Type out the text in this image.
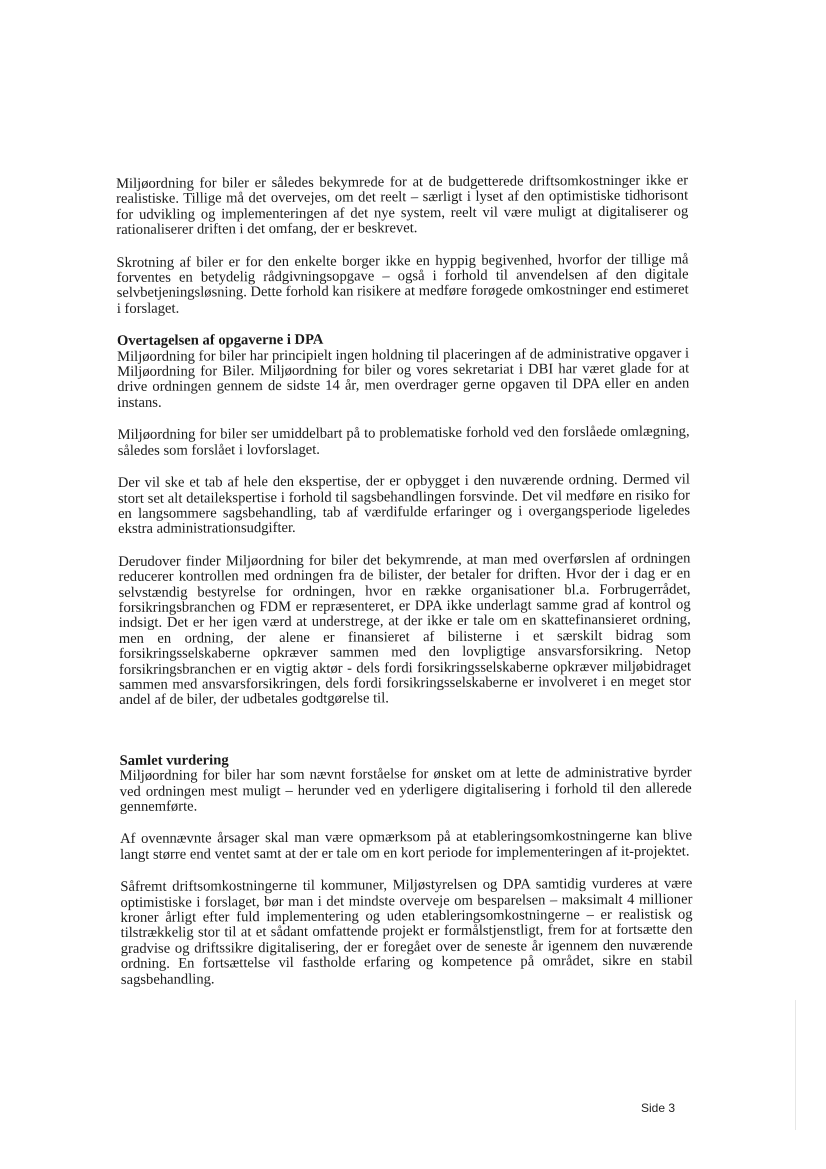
Miljøordning for biler er således bekymrede for at de budgetterede driftsomkostninger ikke er realistiske. Tillige må det overvejes, om det reelt – særligt i lyset af den optimistiske tidhorisont for udvikling og implementeringen af det nye system, reelt vil være muligt at digitaliserer og rationaliserer driften i det omfang, der er beskrevet.

Skrotning af biler er for den enkelte borger ikke en hyppig begivenhed, hvorfor der tillige må forventes en betydelig rådgivningsopgave – også i forhold til anvendelsen af den digitale selvbetjeningsløsning. Dette forhold kan risikere at medføre forøgede omkostninger end estimeret i forslaget.

Overtagelsen af opgaverne i DPA

Miljøordning for biler har principielt ingen holdning til placeringen af de administrative opgaver i Miljøordning for Biler. Miljøordning for biler og vores sekretariat i DBI har været glade for at drive ordningen gennem de sidste 14 år, men overdrager gerne opgaven til DPA eller en anden instans.

Miljøordning for biler ser umiddelbart på to problematiske forhold ved den forslåede omlægning, således som forslået i lovforslaget.

Der vil ske et tab af hele den ekspertise, der er opbygget i den nuværende ordning. Dermed vil stort set alt detailekspertise i forhold til sagsbehandlingen forsvinde. Det vil medføre en risiko for en langsommere sagsbehandling, tab af værdifulde erfaringer og i overgangsperiode ligeledes ekstra administrationsudgifter.

Derudover finder Miljøordning for biler det bekymrende, at man med overførslen af ordningen reducerer kontrollen med ordningen fra de bilister, der betaler for driften. Hvor der i dag er en selvstændig bestyrelse for ordningen, hvor en række organisationer bl.a. Forbrugerrådet, forsikringsbranchen og FDM er repræsenteret, er DPA ikke underlagt samme grad af kontrol og indsigt. Det er her igen værd at understrege, at der ikke er tale om en skattefinansieret ordning, men en ordning, der alene er finansieret af bilisterne i et særskilt bidrag som forsikringsselskaberne opkræver sammen med den lovpligtige ansvarsforsikring. Netop forsikringsbranchen er en vigtig aktør - dels fordi forsikringsselskaberne opkræver miljøbidraget sammen med ansvarsforsikringen, dels fordi forsikringsselskaberne er involveret i en meget stor andel af de biler, der udbetales godtgørelse til.

Samlet vurdering

Miljøordning for biler har som nævnt forståelse for ønsket om at lette de administrative byrder ved ordningen mest muligt – herunder ved en yderligere digitalisering i forhold til den allerede gennemførte.

Af ovennævnte årsager skal man være opmærksom på at etableringsomkostningerne kan blive langt større end ventet samt at der er tale om en kort periode for implementeringen af it-projektet.

Såfremt driftsomkostningerne til kommuner, Miljøstyrelsen og DPA samtidig vurderes at være optimistiske i forslaget, bør man i det mindste overveje om besparelsen – maksimalt 4 millioner kroner årligt efter fuld implementering og uden etableringsomkostningerne – er realistisk og tilstrækkelig stor til at et sådant omfattende projekt er formålstjenstligt, frem for at fortsætte den gradvise og driftssikre digitalisering, der er foregået over de seneste år igennem den nuværende ordning. En fortsættelse vil fastholde erfaring og kompetence på området, sikre en stabil sagsbehandling.

Side 3
